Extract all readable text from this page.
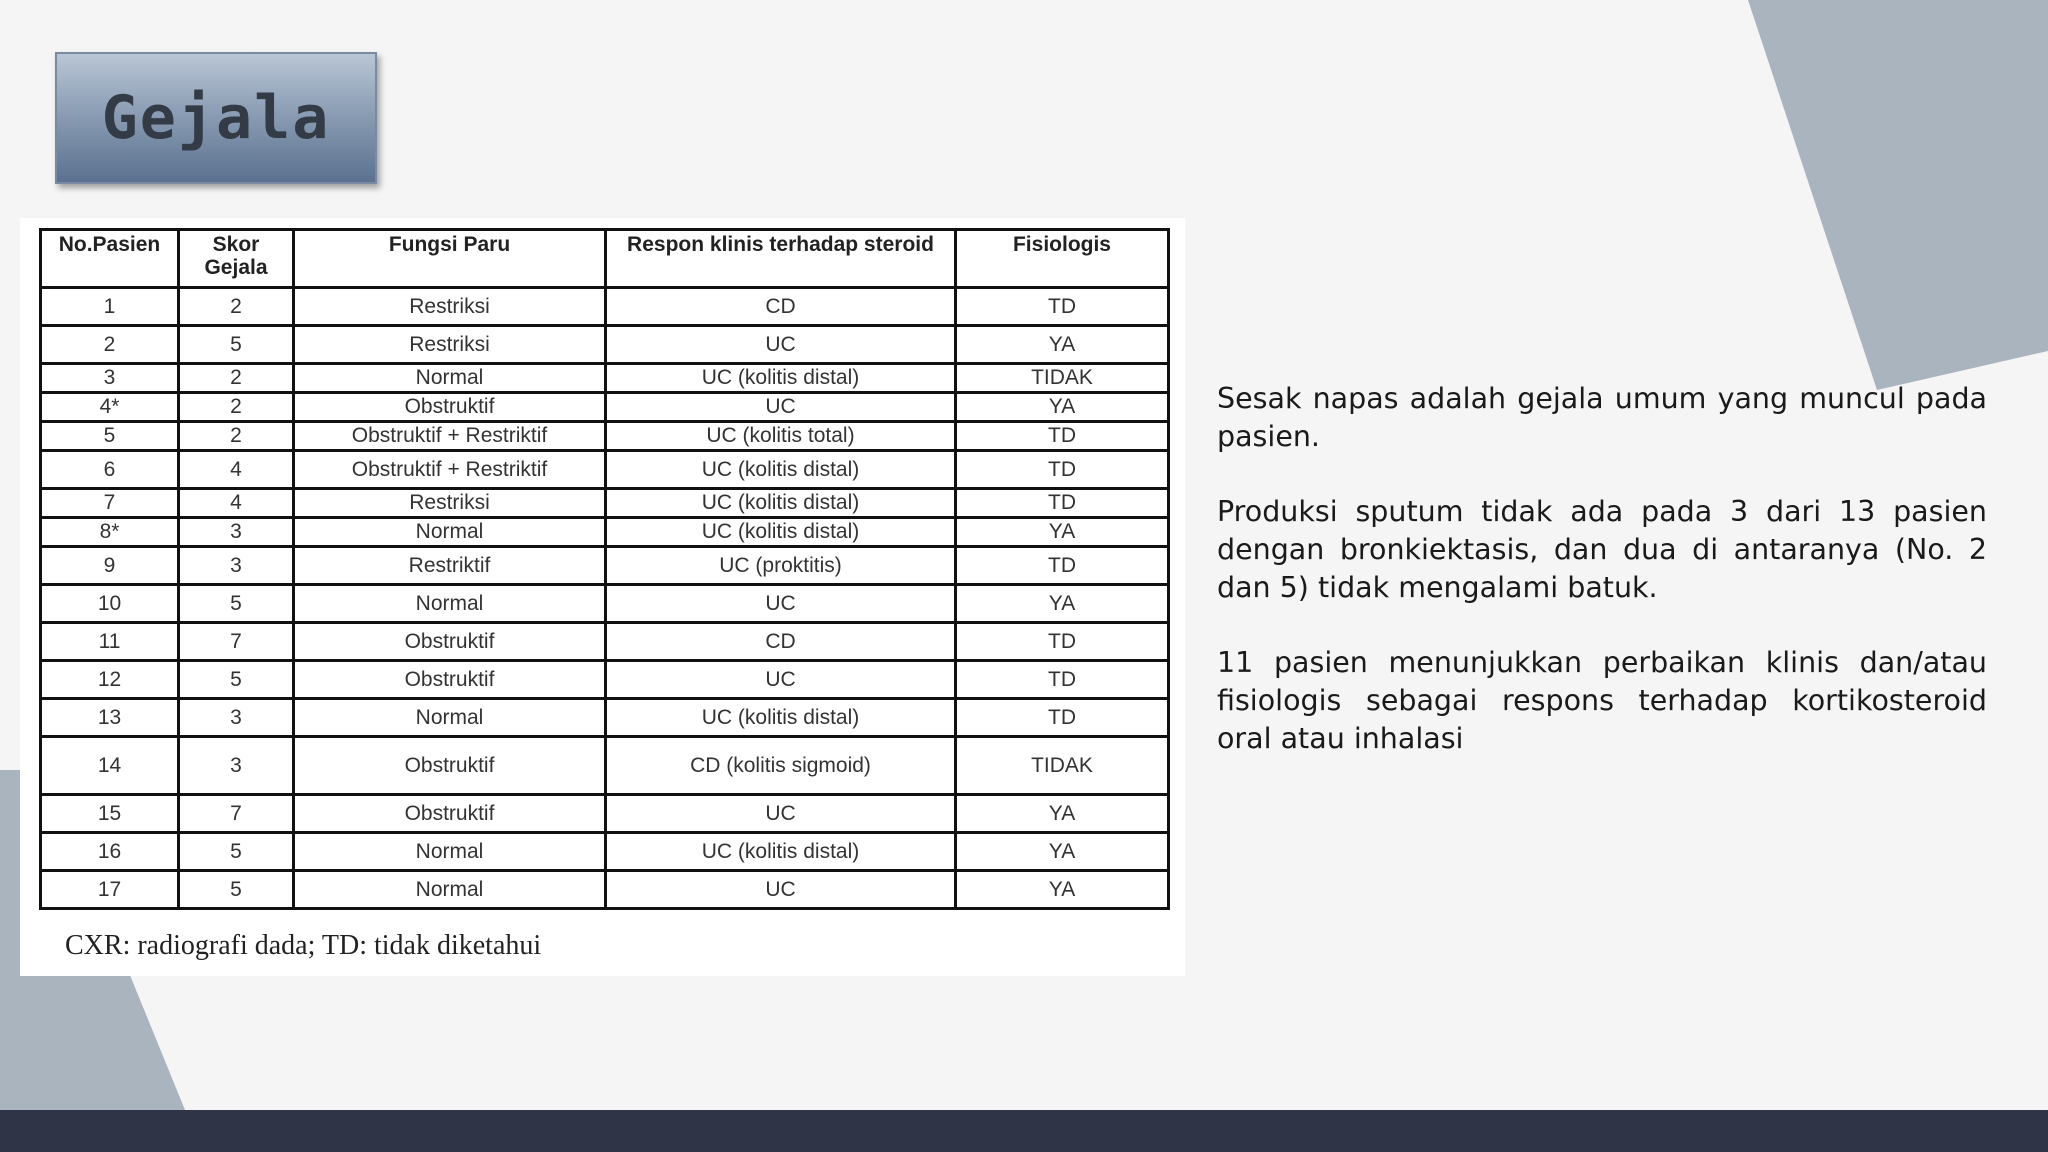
Gejala
No.Pasien	Skor Gejala	Fungsi Paru	Respon klinis terhadap steroid	Fisiologis
1	2	Restriksi	CD	TD
2	5	Restriksi	UC	YA
3	2	Normal	UC (kolitis distal)	TIDAK
4*	2	Obstruktif	UC	YA
5	2	Obstruktif + Restriktif	UC (kolitis total)	TD
6	4	Obstruktif + Restriktif	UC (kolitis distal)	TD
7	4	Restriksi	UC (kolitis distal)	TD
8*	3	Normal	UC (kolitis distal)	YA
9	3	Restriktif	UC (proktitis)	TD
10	5	Normal	UC	YA
11	7	Obstruktif	CD	TD
12	5	Obstruktif	UC	TD
13	3	Normal	UC (kolitis distal)	TD
14	3	Obstruktif	CD (kolitis sigmoid)	TIDAK
15	7	Obstruktif	UC	YA
16	5	Normal	UC (kolitis distal)	YA
17	5	Normal	UC	YA
CXR: radiografi dada; TD: tidak diketahui

Sesak napas adalah gejala umum yang muncul pada pasien.

Produksi sputum tidak ada pada 3 dari 13 pasien dengan bronkiektasis, dan dua di antaranya (No. 2 dan 5) tidak mengalami batuk.

11 pasien menunjukkan perbaikan klinis dan/atau fisiologis sebagai respons terhadap kortikosteroid oral atau inhalasi
